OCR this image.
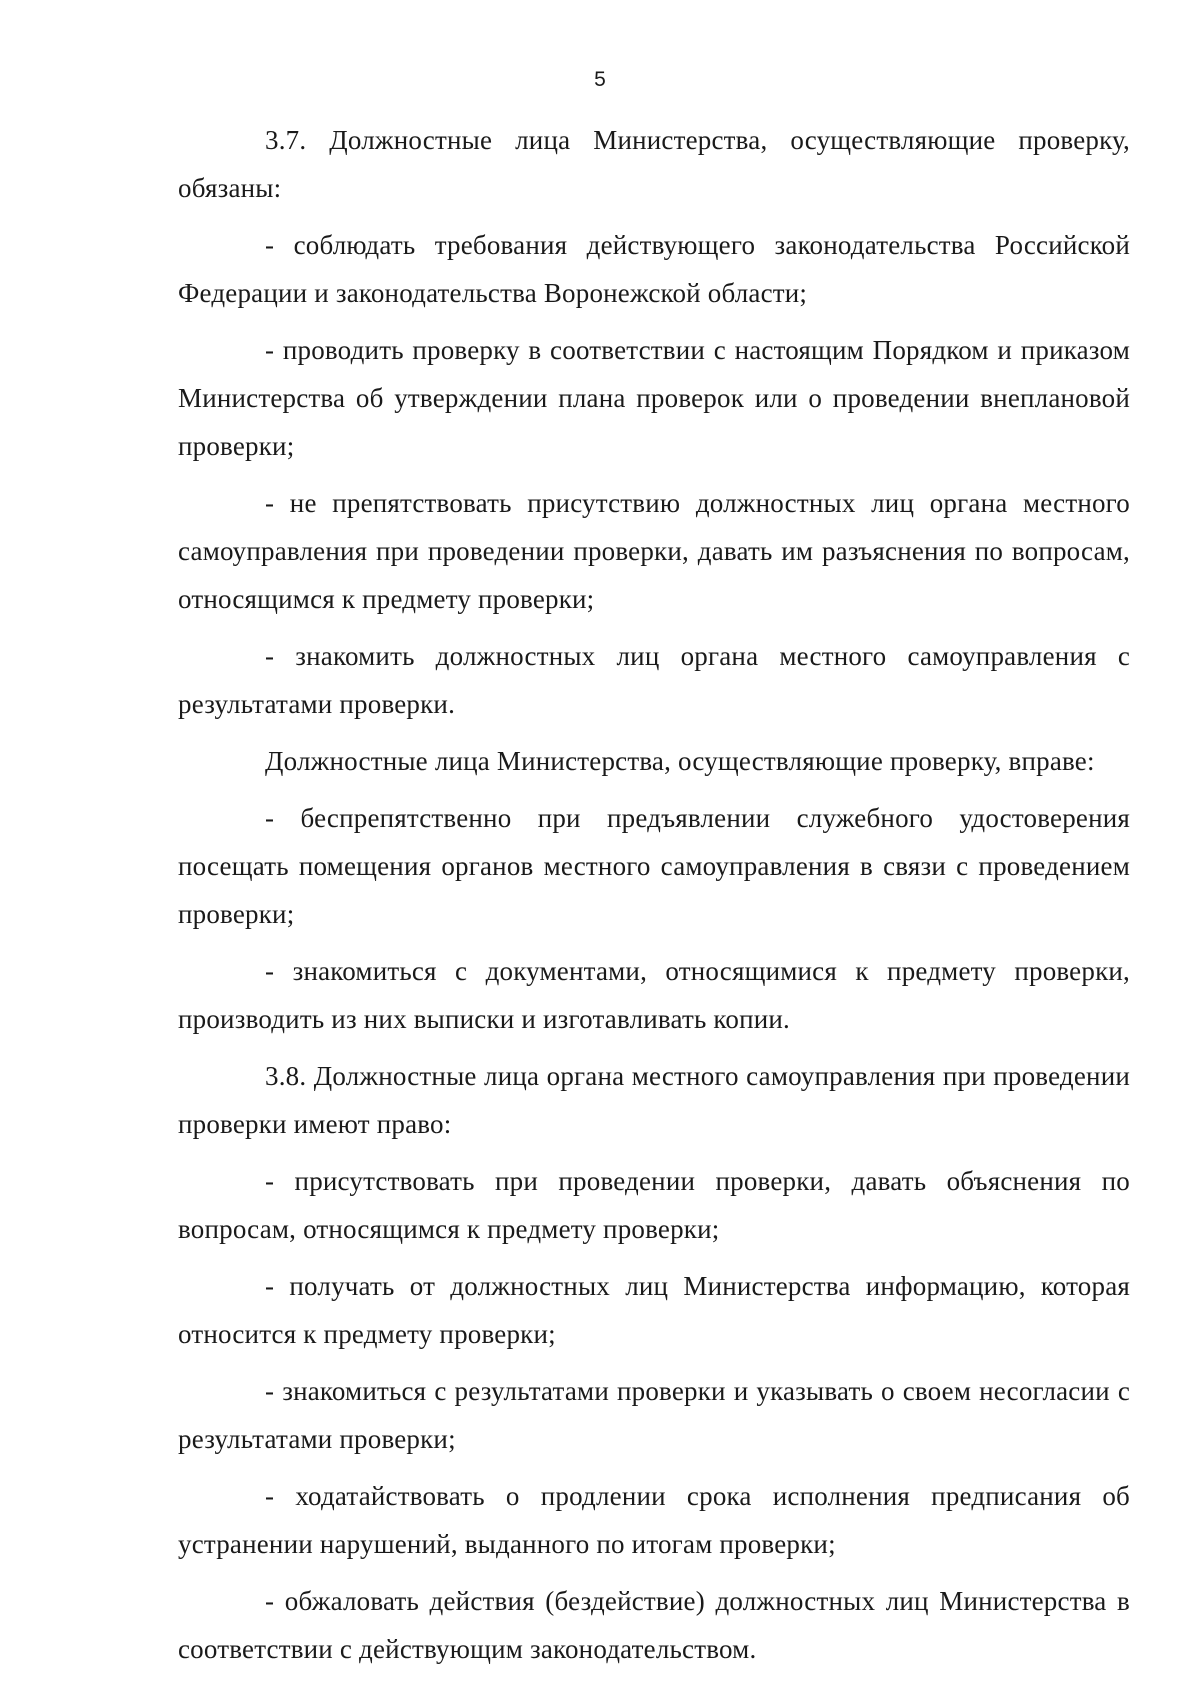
5

3.7. Должностные лица Министерства, осуществляющие проверку, обязаны:

- соблюдать требования действующего законодательства Российской Федерации и законодательства Воронежской области;

- проводить проверку в соответствии с настоящим Порядком и приказом Министерства об утверждении плана проверок или о проведении внеплановой проверки;

- не препятствовать присутствию должностных лиц органа местного самоуправления при проведении проверки, давать им разъяснения по вопросам, относящимся к предмету проверки;

- знакомить должностных лиц органа местного самоуправления с результатами проверки.

Должностные лица Министерства, осуществляющие проверку, вправе:

- беспрепятственно при предъявлении служебного удостоверения посещать помещения органов местного самоуправления в связи с проведением проверки;

- знакомиться с документами, относящимися к предмету проверки, производить из них выписки и изготавливать копии.

3.8. Должностные лица органа местного самоуправления при проведении проверки имеют право:

- присутствовать при проведении проверки, давать объяснения по вопросам, относящимся к предмету проверки;

- получать от должностных лиц Министерства информацию, которая относится к предмету проверки;

- знакомиться с результатами проверки и указывать о своем несогласии с результатами проверки;

- ходатайствовать о продлении срока исполнения предписания об устранении нарушений, выданного по итогам проверки;

- обжаловать действия (бездействие) должностных лиц Министерства в соответствии с действующим законодательством.
